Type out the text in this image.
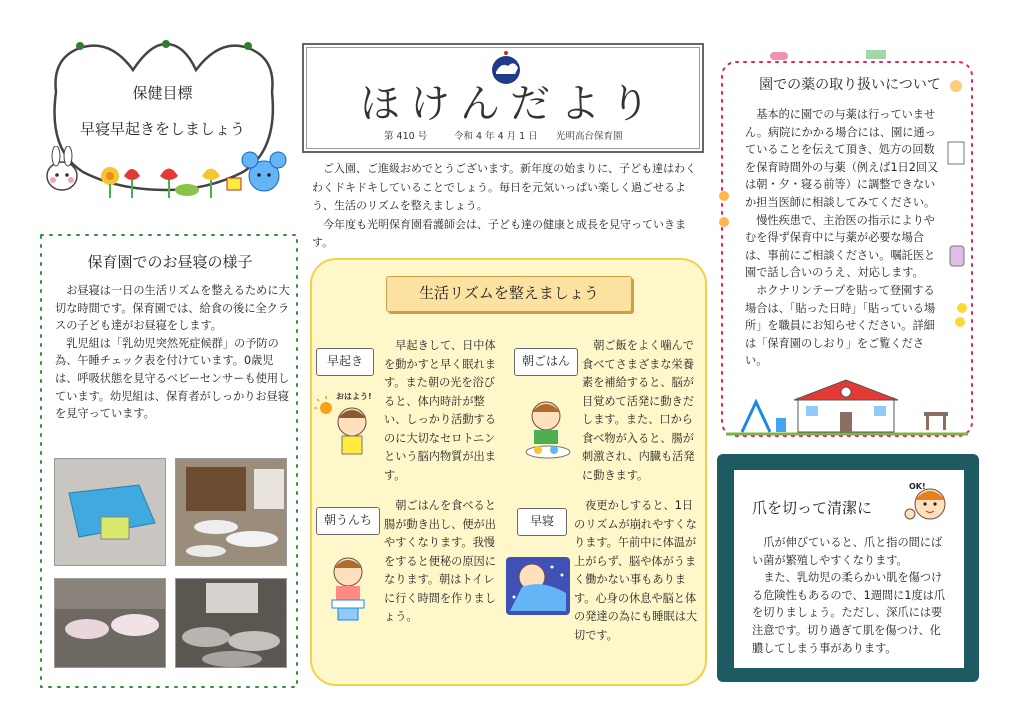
保健目標
早寝早起きをしましょう
保育園でのお昼寝の様子

お昼寝は一日の生活リズムを整えるために大切な時間です。保育園では、給食の後に全クラスの子ども達がお昼寝をします。

乳児組は「乳幼児突然死症候群」の予防の為、午睡チェック表を付けています。0歳児は、呼吸状態を見守るベビーセンサーも使用しています。幼児組は、保育者がしっかりお昼寝を見守っています。

ほけんだより
第 410 号	令和 4 年 4 月 1 日 光明高台保育園

ご入園、ご進級おめでとうございます。新年度の始まりに、子ども達はわくわくドキドキしていることでしょう。毎日を元気いっぱい楽しく過ごせるよう、生活のリズムを整えましょう。

今年度も光明保育園看護師会は、子ども達の健康と成長を見守っていきます。

生活リズムを整えましょう
早起き
早起きして、日中体を動かすと早く眠れます。また朝の光を浴びると、体内時計が整い、しっかり活動するのに大切なセロトニンという脳内物質が出ます。
おはよう!
朝ごはん
朝ご飯をよく噛んで食べてさまざまな栄養素を補給すると、脳が目覚めて活発に動きだします。また、口から食べ物が入ると、腸が刺激され、内臓も活発に動きます。
朝うんち
朝ごはんを食べると腸が動き出し、便が出やすくなります。我慢をすると便秘の原因になります。朝はトイレに行く時間を作りましょう。
早寝
夜更かしすると、1日のリズムが崩れやすくなります。午前中に体温が上がらず、脳や体がうまく働かない事もあります。心身の休息や脳と体の発達の為にも睡眠は大切です。
園での薬の取り扱いについて

基本的に園での与薬は行っていません。病院にかかる場合には、園に通っていることを伝えて頂き、処方の回数を保育時間外の与薬（例えば1日2回又は朝・夕・寝る前等）に調整できないか担当医師に相談してみてください。

慢性疾患で、主治医の指示によりやむを得ず保育中に与薬が必要な場合は、事前にご相談ください。嘱託医と園で話し合いのうえ、対応します。

ホクナリンテープを貼って登園する場合は、「貼った日時」「貼っている場所」を職員にお知らせください。詳細は「保育園のしおり」をご覧ください。

爪を切って清潔に
OK!

爪が伸びていると、爪と指の間にばい菌が繁殖しやすくなります。

また、乳幼児の柔らかい肌を傷つける危険性もあるので、1週間に1度は爪を切りましょう。ただし、深爪には要注意です。切り過ぎて肌を傷つけ、化膿してしまう事があります。
